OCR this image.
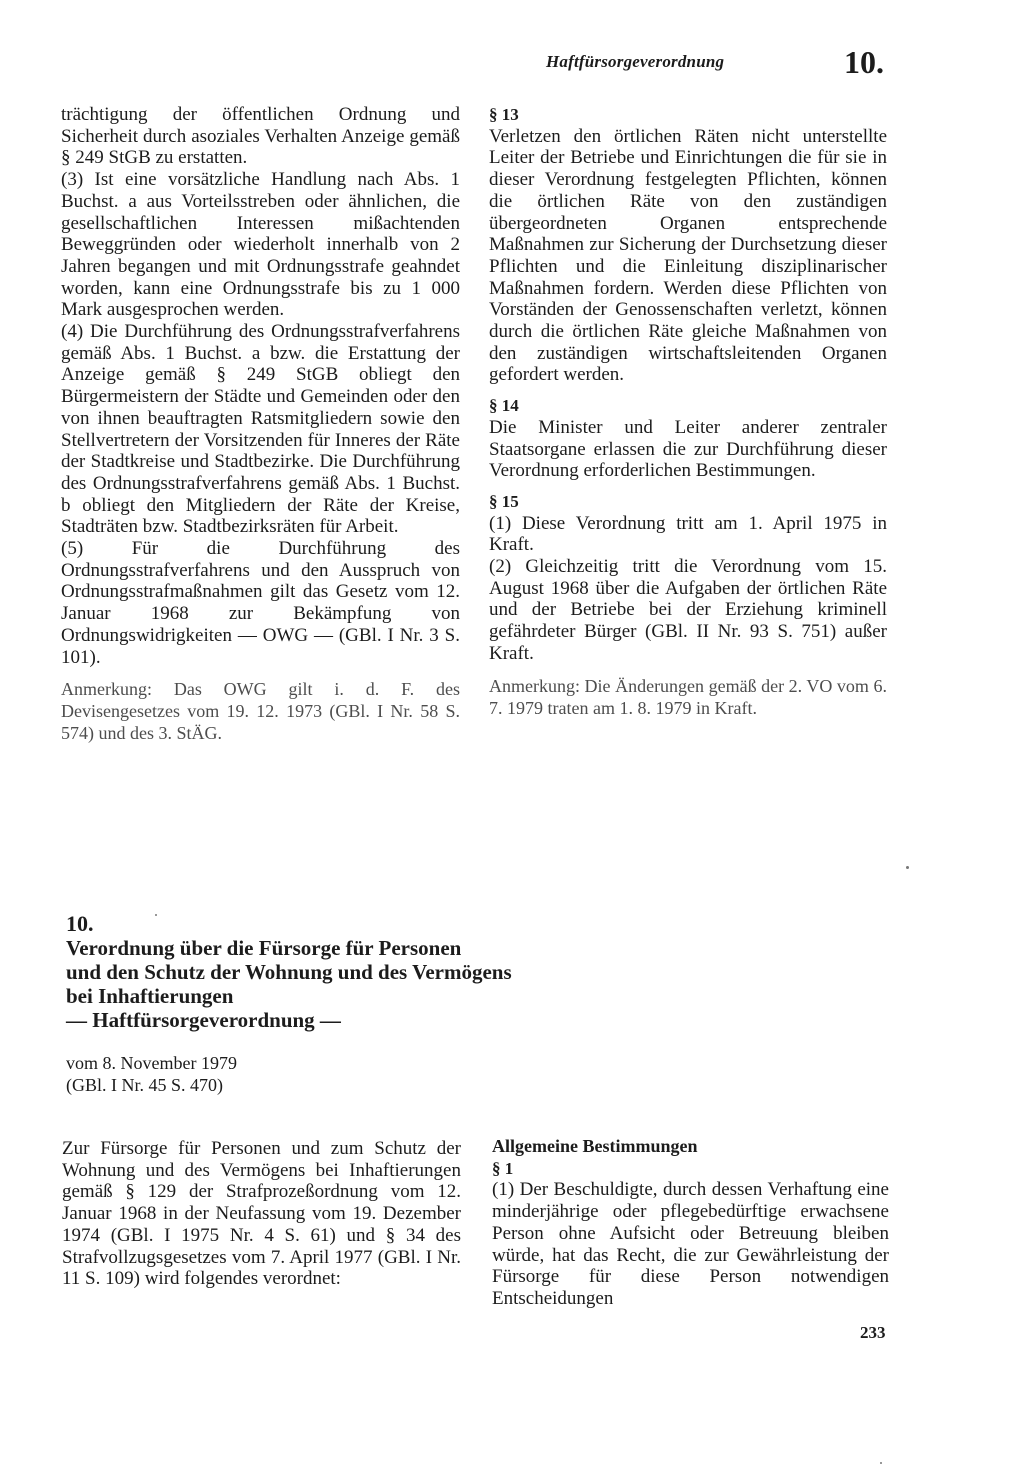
Haftfürsorgeverordnung	10.

trächtigung der öffentlichen Ordnung und Sicherheit durch asoziales Verhalten Anzeige gemäß § 249 StGB zu erstatten.

(3) Ist eine vorsätzliche Handlung nach Abs. 1 Buchst. a aus Vorteilsstreben oder ähnlichen, die gesellschaftlichen Interessen mißachtenden Beweggründen oder wiederholt innerhalb von 2 Jahren begangen und mit Ordnungsstrafe geahndet worden, kann eine Ordnungsstrafe bis zu 1 000 Mark ausgesprochen werden.

(4) Die Durchführung des Ordnungsstrafverfahrens gemäß Abs. 1 Buchst. a bzw. die Erstattung der Anzeige gemäß § 249 StGB obliegt den Bürgermeistern der Städte und Gemeinden oder den von ihnen beauftragten Ratsmitgliedern sowie den Stellvertretern der Vorsitzenden für Inneres der Räte der Stadtkreise und Stadtbezirke. Die Durchführung des Ordnungsstrafverfahrens gemäß Abs. 1 Buchst. b obliegt den Mitgliedern der Räte der Kreise, Stadträten bzw. Stadtbezirksräten für Arbeit.

(5) Für die Durchführung des Ordnungsstrafverfahrens und den Ausspruch von Ordnungsstrafmaßnahmen gilt das Gesetz vom 12. Januar 1968 zur Bekämpfung von Ordnungswidrigkeiten — OWG — (GBl. I Nr. 3 S. 101).

Anmerkung: Das OWG gilt i. d. F. des Devisengesetzes vom 19. 12. 1973 (GBl. I Nr. 58 S. 574) und des 3. StÄG.

§ 13

Verletzen den örtlichen Räten nicht unterstellte Leiter der Betriebe und Einrichtungen die für sie in dieser Verordnung festgelegten Pflichten, können die örtlichen Räte von den zuständigen übergeordneten Organen entsprechende Maßnahmen zur Sicherung der Durchsetzung dieser Pflichten und die Einleitung disziplinarischer Maßnahmen fordern. Werden diese Pflichten von Vorständen der Genossenschaften verletzt, können durch die örtlichen Räte gleiche Maßnahmen von den zuständigen wirtschaftsleitenden Organen gefordert werden.

§ 14

Die Minister und Leiter anderer zentraler Staatsorgane erlassen die zur Durchführung dieser Verordnung erforderlichen Bestimmungen.

§ 15

(1) Diese Verordnung tritt am 1. April 1975 in Kraft.

(2) Gleichzeitig tritt die Verordnung vom 15. August 1968 über die Aufgaben der örtlichen Räte und der Betriebe bei der Erziehung kriminell gefährdeter Bürger (GBl. II Nr. 93 S. 751) außer Kraft.

Anmerkung: Die Änderungen gemäß der 2. VO vom 6. 7. 1979 traten am 1. 8. 1979 in Kraft.

10.

Verordnung über die Fürsorge für Personen

und den Schutz der Wohnung und des Vermögens

bei Inhaftierungen

— Haftfürsorgeverordnung —

vom 8. November 1979
(GBl. I Nr. 45 S. 470)

Zur Fürsorge für Personen und zum Schutz der Wohnung und des Vermögens bei Inhaftierungen gemäß § 129 der Strafprozeßordnung vom 12. Januar 1968 in der Neufassung vom 19. Dezember 1974 (GBl. I 1975 Nr. 4 S. 61) und § 34 des Strafvollzugsgesetzes vom 7. April 1977 (GBl. I Nr. 11 S. 109) wird folgendes verordnet:

Allgemeine Bestimmungen

§ 1

(1) Der Beschuldigte, durch dessen Verhaftung eine minderjährige oder pflegebedürftige erwachsene Person ohne Aufsicht oder Betreuung bleiben würde, hat das Recht, die zur Gewährleistung der Fürsorge für diese Person notwendigen Entscheidungen

233
